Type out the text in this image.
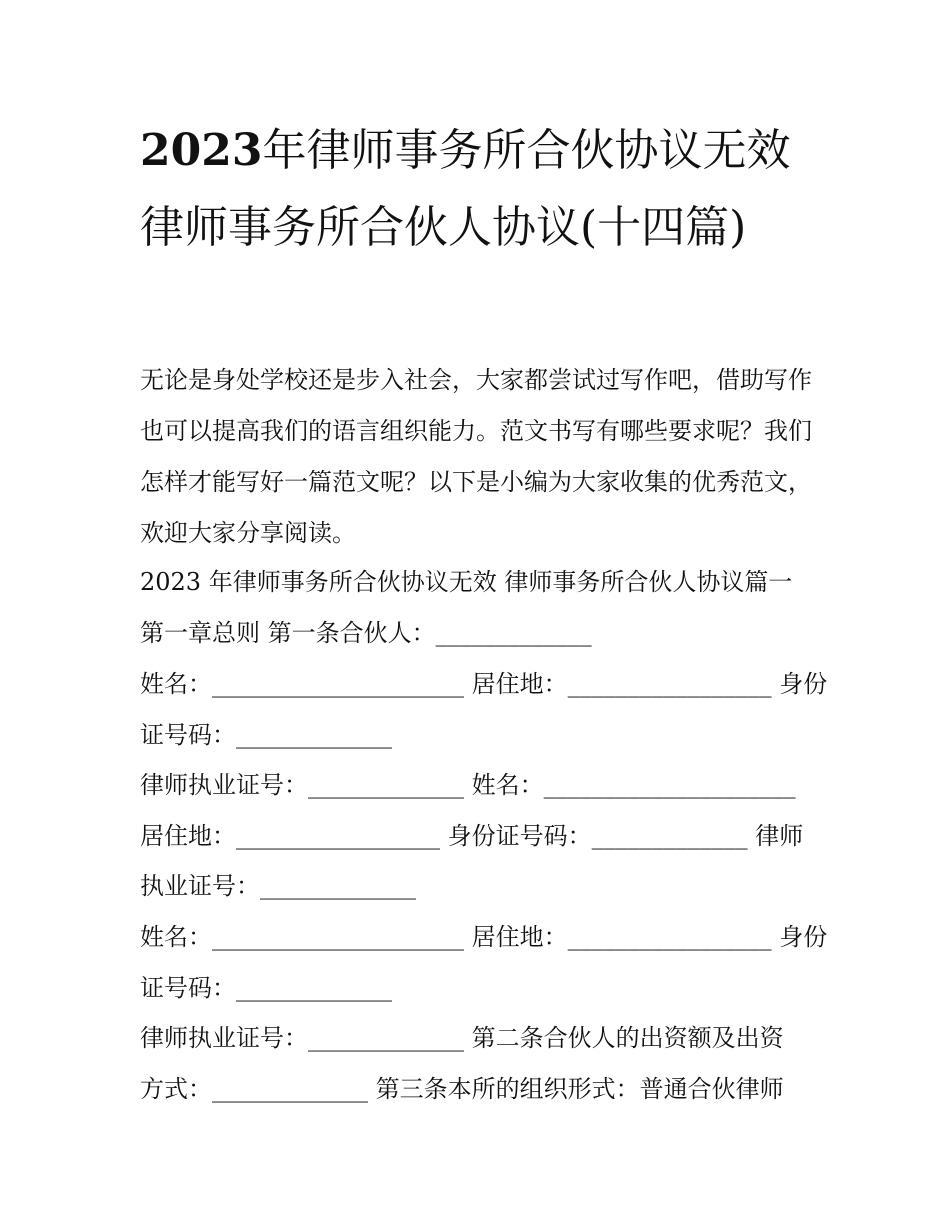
2023年律师事务所合伙协议无效 律师事务所合伙人协议(十四篇)

无论是身处学校还是步入社会，大家都尝试过写作吧，借助写作也可以提高我们的语言组织能力。范文书写有哪些要求呢？我们怎样才能写好一篇范文呢？以下是小编为大家收集的优秀范文，欢迎大家分享阅读。

2023 年律师事务所合伙协议无效 律师事务所合伙人协议篇一

第一章总则 第一条合伙人：_____________

姓名：_____________________ 居住地：_________________ 身份

证号码：_____________

律师执业证号：_____________ 姓名：_____________________

居住地：_________________ 身份证号码：_____________ 律师

执业证号：_____________

姓名：_____________________ 居住地：_________________ 身份

证号码：_____________

律师执业证号：_____________ 第二条合伙人的出资额及出资

方式：_____________ 第三条本所的组织形式：普通合伙律师
